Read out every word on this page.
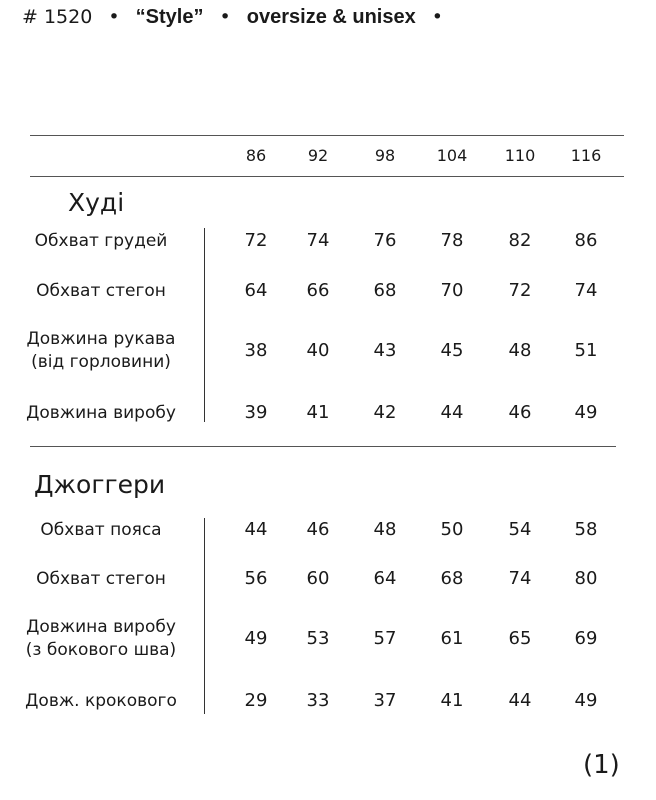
# 1520 • “Style” • oversize & unisex •
86	92	98	104	110	116
Худі
Обхват грудей	72	74	76	78	82	86
Обхват стегон	64	66	68	70	72	74
Довжина рукава
(від горловини)
38	40	43	45	48	51
Довжина виробу	39	41	42	44	46	49
Джоггери
Обхват пояса	44	46	48	50	54	58
Обхват стегон	56	60	64	68	74	80
Довжина виробу
(з бокового шва)
49	53	57	61	65	69
Довж. крокового	29	33	37	41	44	49
(1)
